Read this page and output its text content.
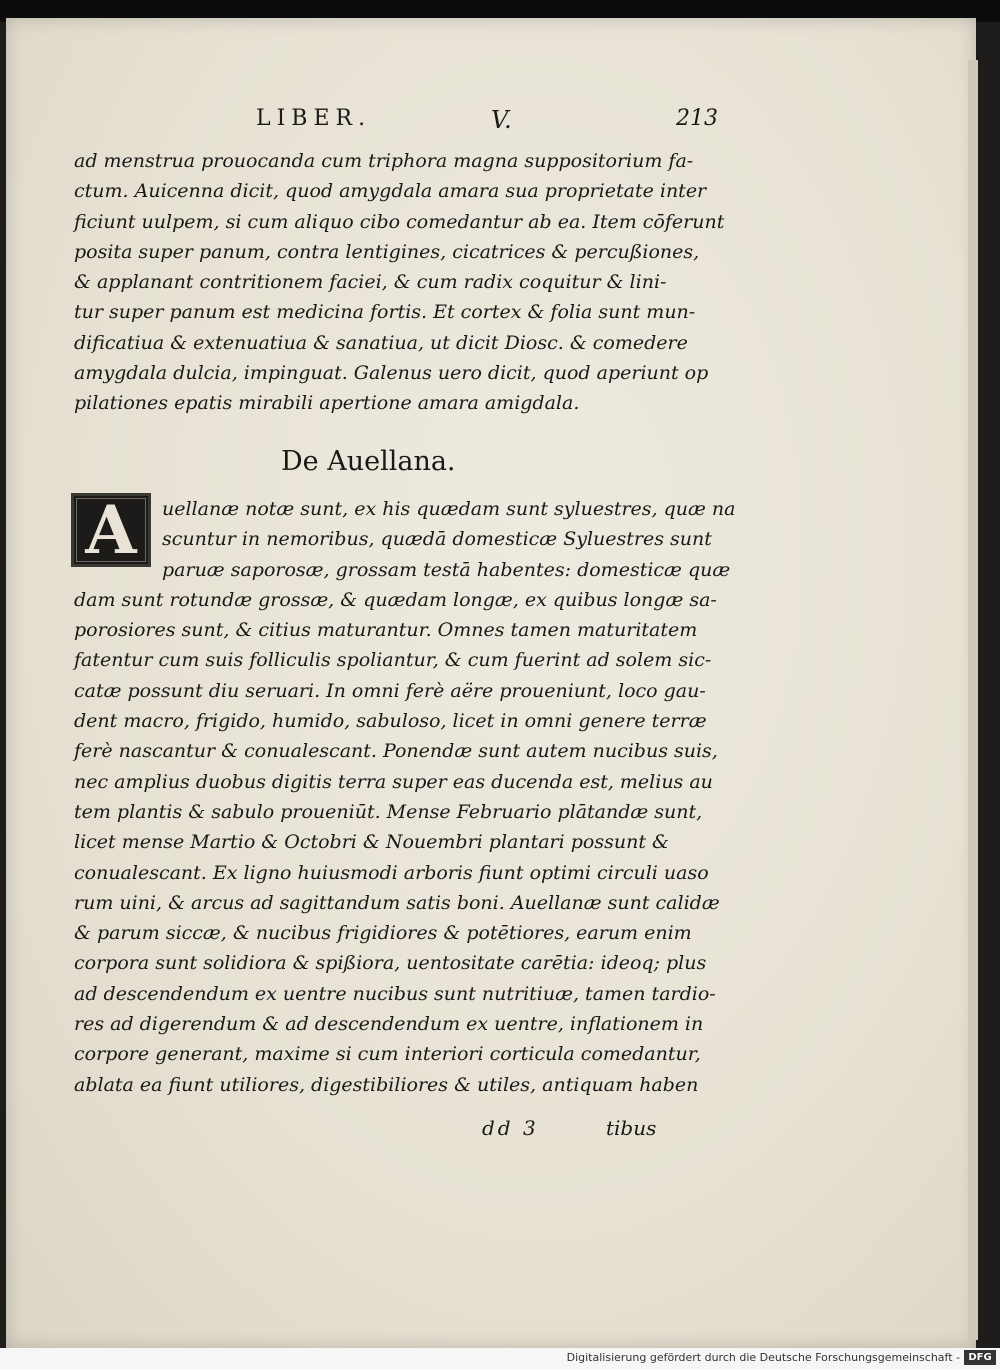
LIBER.	V.	213
ad menstrua prouocanda cum triphora magna suppositorium fa-
ctum. Auicenna dicit, quod amygdala amara sua proprietate inter
ficiunt uulpem, si cum aliquo cibo comedantur ab ea. Item cōferunt
posita super panum, contra lentigines, cicatrices & percußiones,
& applanant contritionem faciei, & cum radix coquitur & lini-
tur super panum est medicina fortis. Et cortex & folia sunt mun-
dificatiua & extenuatiua & sanatiua, ut dicit Diosc. & comedere
amygdala dulcia, impinguat. Galenus uero dicit, quod aperiunt op
pilationes epatis mirabili apertione amara amigdala.
De Auellana.
A	uellanæ notæ sunt, ex his quædam sunt syluestres, quæ na
scuntur in nemoribus, quædā domesticæ Syluestres sunt
paruæ saporosæ, grossam testā habentes: domesticæ quæ
dam sunt rotundæ grossæ, & quædam longæ, ex quibus longæ sa-
porosiores sunt, & citius maturantur. Omnes tamen maturitatem
fatentur cum suis folliculis spoliantur, & cum fuerint ad solem sic-
catæ possunt diu seruari. In omni ferè aëre proueniunt, loco gau-
dent macro, frigido, humido, sabuloso, licet in omni genere terræ
ferè nascantur & conualescant. Ponendæ sunt autem nucibus suis,
nec amplius duobus digitis terra super eas ducenda est, melius au
tem plantis & sabulo proueniūt. Mense Februario plātandæ sunt,
licet mense Martio & Octobri & Nouembri plantari possunt &
conualescant. Ex ligno huiusmodi arboris fiunt optimi circuli uaso
rum uini, & arcus ad sagittandum satis boni. Auellanæ sunt calidæ
& parum siccæ, & nucibus frigidiores & potētiores, earum enim
corpora sunt solidiora & spißiora, uentositate carētia: ideoq; plus
ad descendendum ex uentre nucibus sunt nutritiuæ, tamen tardio-
res ad digerendum & ad descendendum ex uentre, inflationem in
corpore generant, maxime si cum interiori corticula comedantur,
ablata ea fiunt utiliores, digestibiliores & utiles, antiquam haben
dd 3	tibus
Digitalisierung gefördert durch die Deutsche Forschungsgemeinschaft - DFG
